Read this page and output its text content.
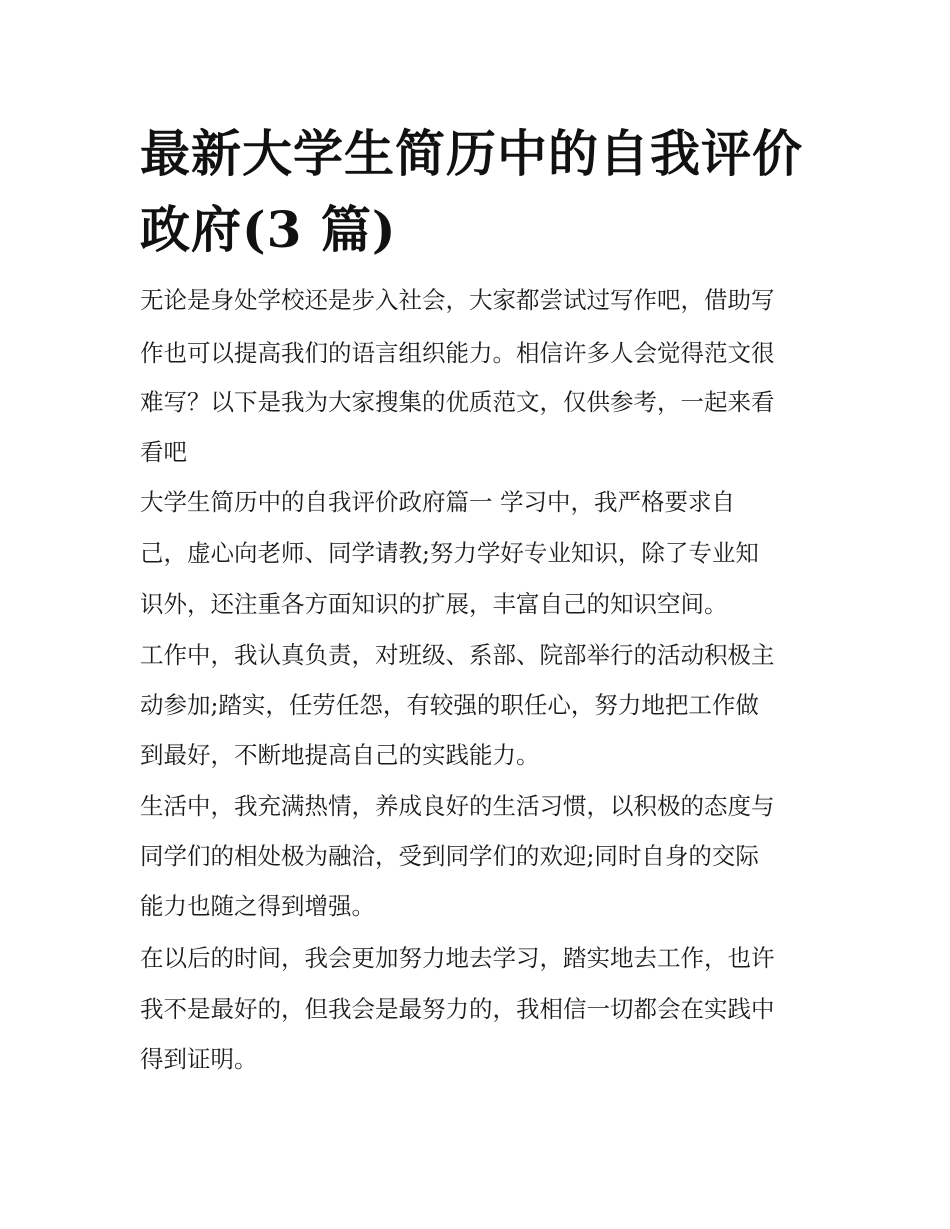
最新大学生简历中的自我评价
政府(3 篇)

无论是身处学校还是步入社会，大家都尝试过写作吧，借助写

作也可以提高我们的语言组织能力。相信许多人会觉得范文很

难写？以下是我为大家搜集的优质范文，仅供参考，一起来看

看吧

大学生简历中的自我评价政府篇一 学习中，我严格要求自

己，虚心向老师、同学请教;努力学好专业知识，除了专业知

识外，还注重各方面知识的扩展，丰富自己的知识空间。

工作中，我认真负责，对班级、系部、院部举行的活动积极主

动参加;踏实，任劳任怨，有较强的职任心，努力地把工作做

到最好，不断地提高自己的实践能力。

生活中，我充满热情，养成良好的生活习惯，以积极的态度与

同学们的相处极为融洽，受到同学们的欢迎;同时自身的交际

能力也随之得到增强。

在以后的时间，我会更加努力地去学习，踏实地去工作，也许

我不是最好的，但我会是最努力的，我相信一切都会在实践中

得到证明。
